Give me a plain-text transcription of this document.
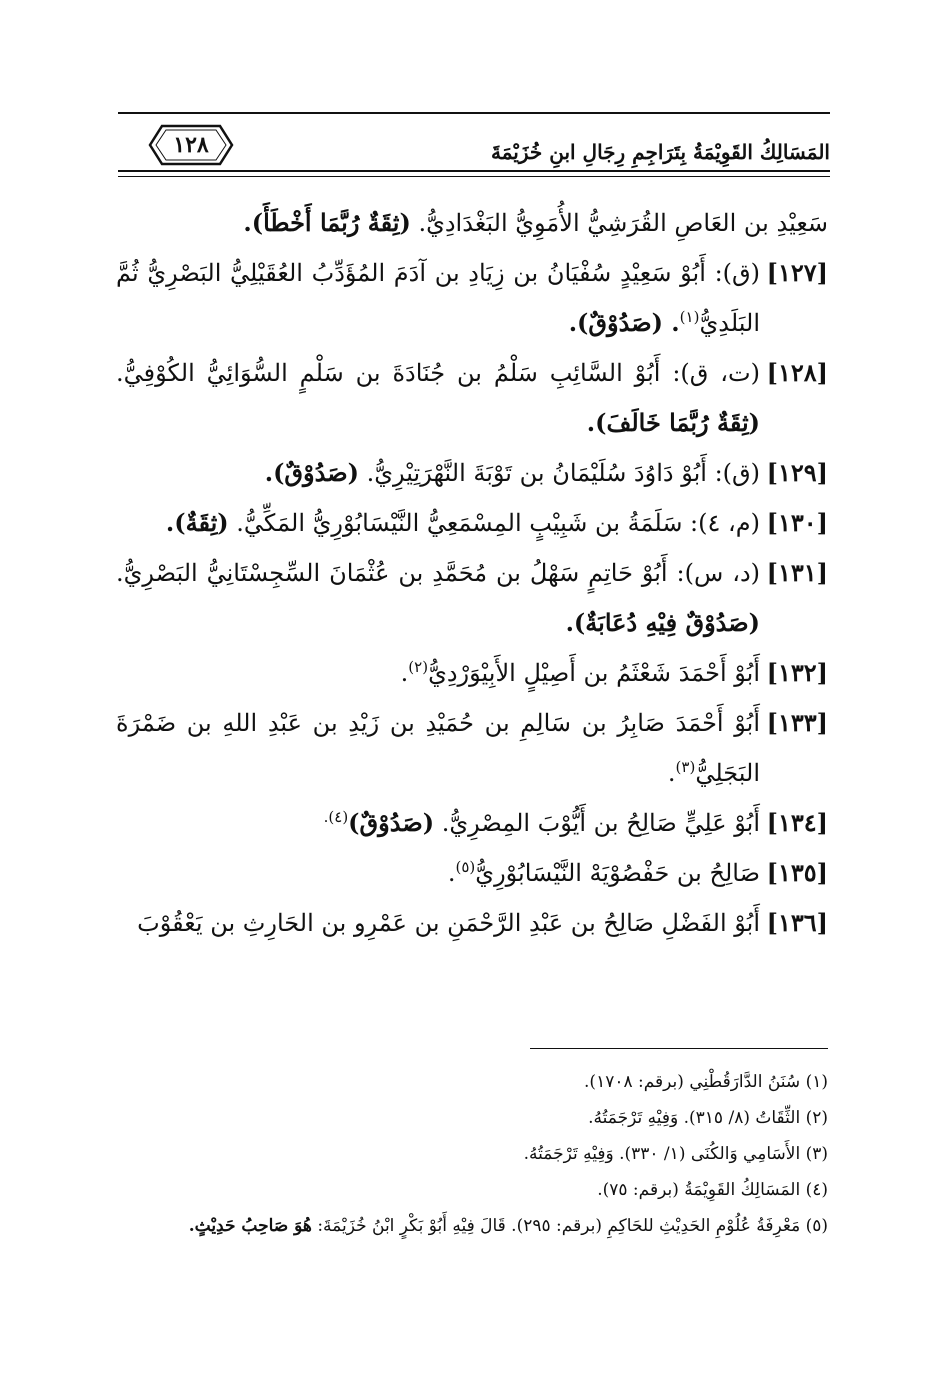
المَسَالِكُ القَوِيْمَةُ بِتَرَاجِمِ رِجَالِ ابنِ خُزَيْمَةَ
١٢٨
سَعِيْدِ بن العَاصِ القُرَشِيُّ الأُمَوِيُّ البَغْدَادِيُّ. (ثِقَةٌ رُبَّمَا أَخْطَأَ).
[١٢٧]
(ق): أَبُوْ سَعِيْدٍ سُفْيَانُ بن زِيَادِ بن آدَمَ المُؤَدِّبُ العُقَيْلِيُّ البَصْرِيُّ ثُمَّ البَلَدِيُّ$^{(١)}$. (صَدُوْقٌ).
[١٢٨]
(ت، ق): أَبُوْ السَّائِبِ سَلْمُ بن جُنَادَةَ بن سَلْمٍ السُّوَائِيُّ الكُوْفِيُّ. (ثِقَةٌ رُبَّمَا خَالَفَ).
[١٢٩]
(ق): أَبُوْ دَاوُدَ سُلَيْمَانُ بن تَوْبَةَ النَّهْرَتِيْرِيُّ. (صَدُوْقٌ).
[١٣٠]
(م، ٤): سَلَمَةُ بن شَبِيْبٍ المِسْمَعِيُّ النَّيْسَابُوْرِيُّ المَكِّيُّ. (ثِقَةٌ).
[١٣١]
(د، س): أَبُوْ حَاتِمٍ سَهْلُ بن مُحَمَّدِ بن عُثْمَانَ السِّجِسْتَانِيُّ البَصْرِيُّ. (صَدُوْقٌ فِيْهِ دُعَابَةٌ).
[١٣٢]
أَبُوْ أَحْمَدَ شَعْثَمُ بن أَصِيْلٍ الأَبِيْوَرْدِيُّ$^{(٢)}$.
[١٣٣]
أَبُوْ أَحْمَدَ صَابِرُ بن سَالِمِ بن حُمَيْدِ بن زَيْدِ بن عَبْدِ اللهِ بن ضَمْرَةَ البَجَلِيُّ$^{(٣)}$.
[١٣٤]
أَبُوْ عَلِيٍّ صَالِحُ بن أَيُّوْبَ المِصْرِيُّ. (صَدُوْقٌ)$^{(٤).}$
[١٣٥]
صَالِحُ بن حَفْصُوْيَهْ النَّيْسَابُوْرِيُّ$^{(٥)}$.
[١٣٦]
أَبُوْ الفَضْلِ صَالِحُ بن عَبْدِ الرَّحْمَنِ بن عَمْرِو بن الحَارِثِ بن يَعْقُوْبَ
(١) سُنَنُ الدَّارَقُطْنِي (برقم: ١٧٠٨).
(٢) الثِّقَاتُ (٨/ ٣١٥). وَفِيْهِ تَرْجَمَتُهُ.
(٣) الأَسَامِي وَالكُنَى (١/ ٣٣٠). وَفِيْهِ تَرْجَمَتُهُ.
(٤) المَسَالِكُ القَوِيْمَةُ (برقم: ٧٥).
(٥) مَعْرِفَةُ عُلُوْمِ الحَدِيْثِ للحَاكِمِ (برقم: ٢٩٥). قَالَ فِيْهِ أَبُوْ بَكْرٍ ابْنُ خُزَيْمَةَ: هُوَ صَاحِبُ حَدِيْثٍ.
